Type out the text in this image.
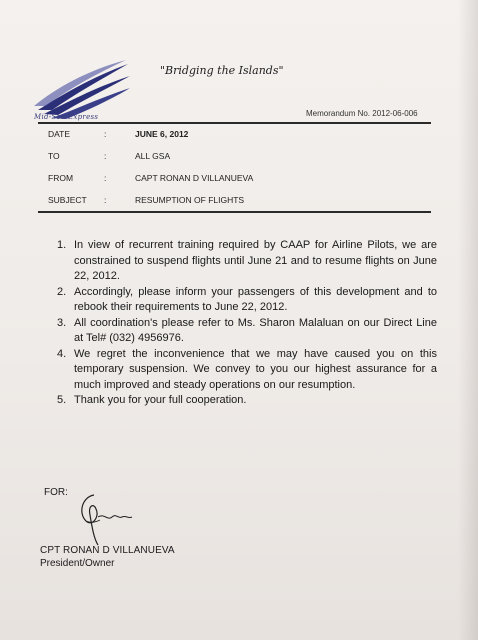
Mid-Sea Express
"Bridging the Islands"
Memorandum No. 2012-06-006
DATE	:	JUNE 6, 2012
TO	:	ALL GSA
FROM	:	CAPT RONAN D VILLANUEVA
SUBJECT :	RESUMPTION OF FLIGHTS
1. In view of recurrent training required by CAAP for Airline Pilots, we are constrained to suspend flights until June 21 and to resume flights on June 22, 2012.
2. Accordingly, please inform your passengers of this development and to rebook their requirements to June 22, 2012.
3. All coordination's please refer to Ms. Sharon Malaluan on our Direct Line at Tel# (032) 4956976.
4. We regret the inconvenience that we may have caused you on this temporary suspension. We convey to you our highest assurance for a much improved and steady operations on our resumption.
5. Thank you for your full cooperation.
FOR:
CPT RONAN D VILLANUEVA
President/Owner
